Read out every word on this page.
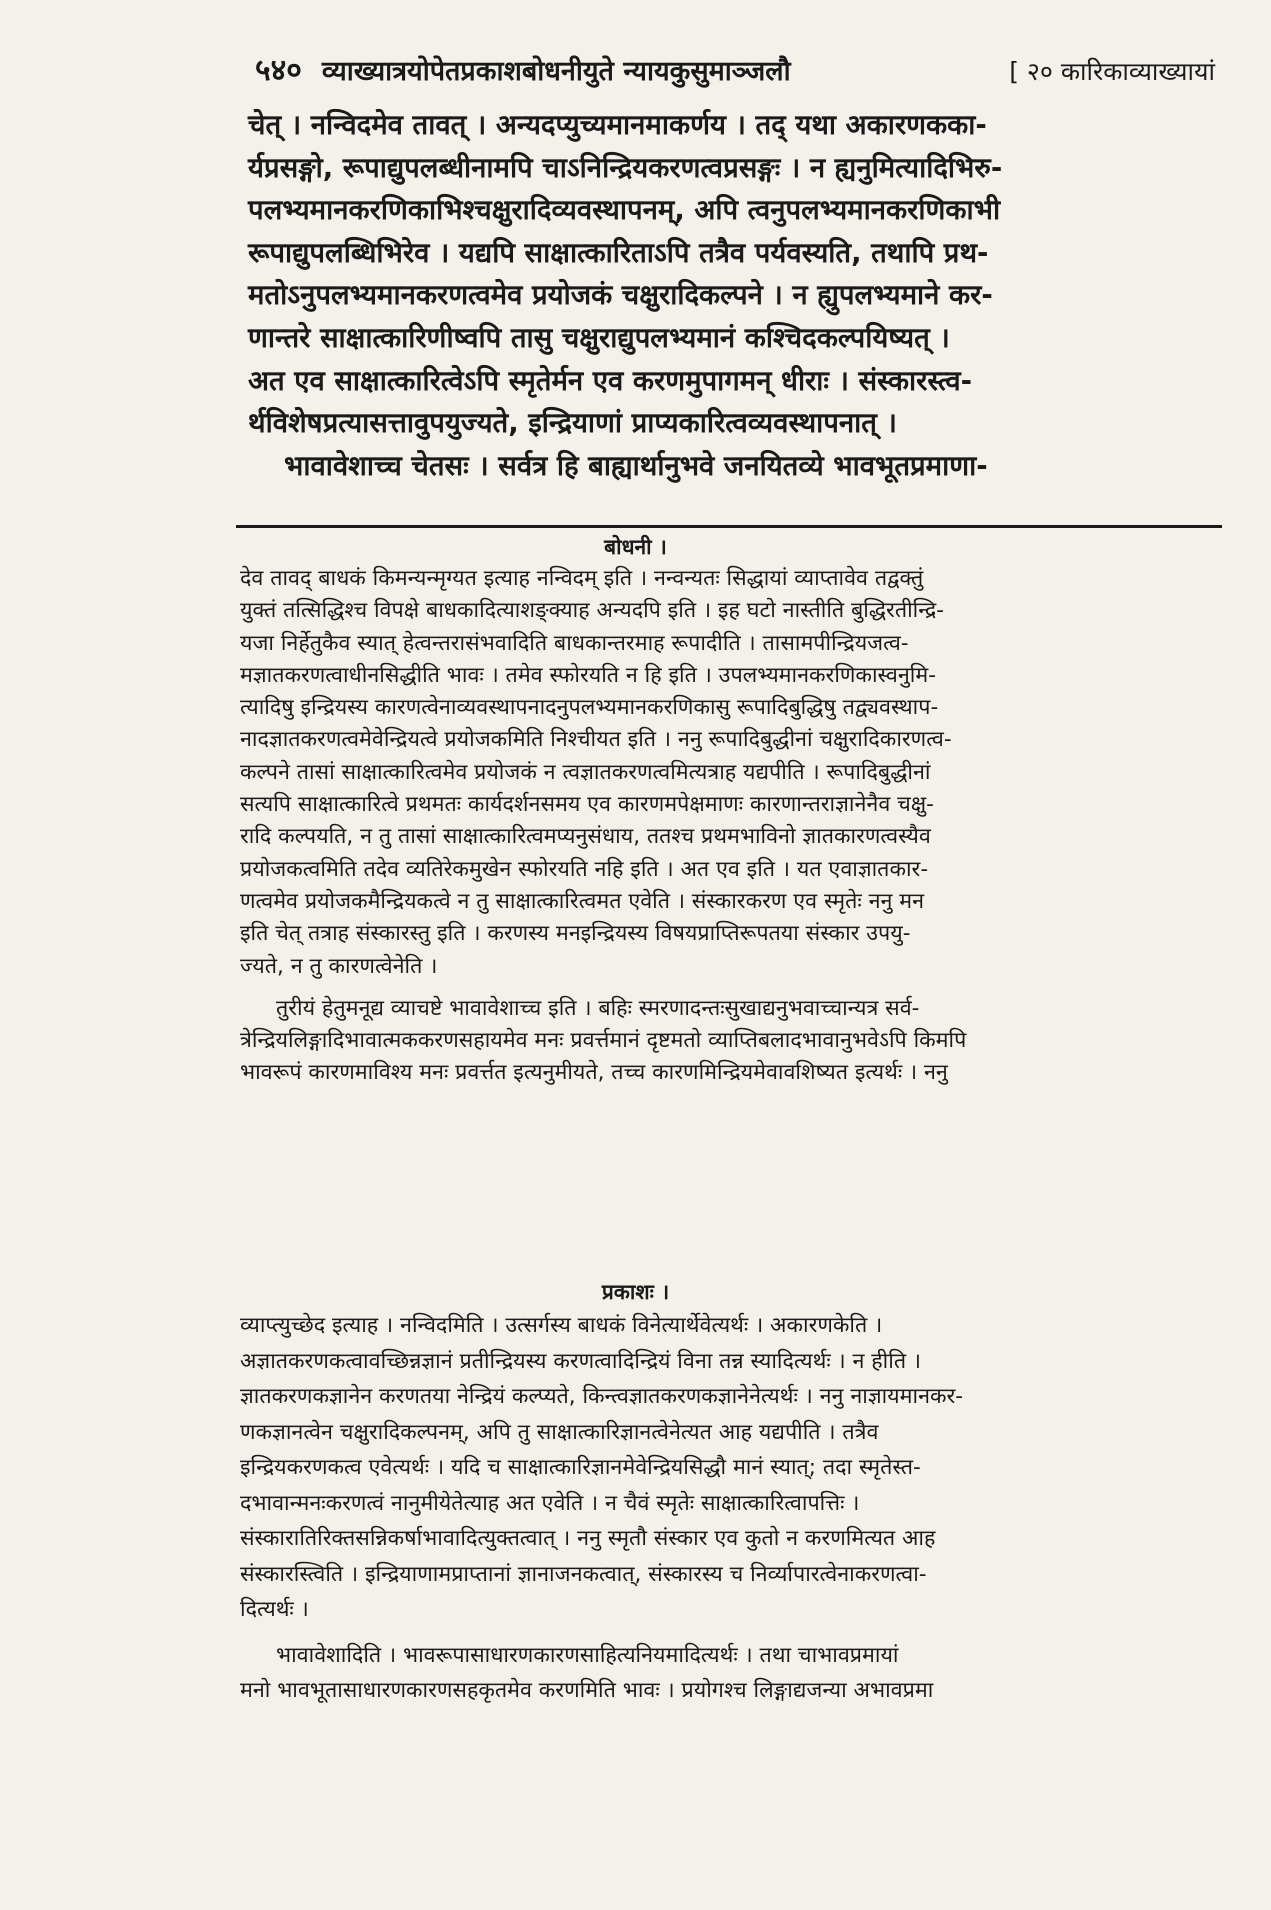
५४० व्याख्यात्रयोपेतप्रकाशबोधनीयुते न्यायकुसुमाञ्जलौ	[ २० कारिकाव्याख्यायां
चेत् । नन्विदमेव तावत् । अन्यदप्युच्यमानमाकर्णय । तद् यथा अकारणकका-
र्यप्रसङ्गो, रूपाद्युपलब्धीनामपि चाऽनिन्द्रियकरणत्वप्रसङ्गः । न ह्यनुमित्यादिभिरु-
पलभ्यमानकरणिकाभिश्चक्षुरादिव्यवस्थापनम्, अपि त्वनुपलभ्यमानकरणिकाभी
रूपाद्युपलब्धिभिरेव । यद्यपि साक्षात्कारिताऽपि तत्रैव पर्यवस्यति, तथापि प्रथ-
मतोऽनुपलभ्यमानकरणत्वमेव प्रयोजकं चक्षुरादिकल्पने । न ह्युपलभ्यमाने कर-
णान्तरे साक्षात्कारिणीष्वपि तासु चक्षुराद्युपलभ्यमानं कश्चिदकल्पयिष्यत् ।
अत एव साक्षात्कारित्वेऽपि स्मृतेर्मन एव करणमुपागमन् धीराः । संस्कारस्त्व-
र्थविशेषप्रत्यासत्तावुपयुज्यते, इन्द्रियाणां प्राप्यकारित्वव्यवस्थापनात् ।
भावावेशाच्च चेतसः । सर्वत्र हि बाह्यार्थानुभवे जनयितव्ये भावभूतप्रमाणा-
बोधनी ।
देव तावद् बाधकं किमन्यन्मृग्यत इत्याह नन्विदम् इति । नन्वन्यतः सिद्धायां व्याप्तावेव तद्वक्तुं
युक्तं तत्सिद्धिश्च विपक्षे बाधकादित्याशङ्क्याह अन्यदपि इति । इह घटो नास्तीति बुद्धिरतीन्द्रि-
यजा निर्हेतुकैव स्यात् हेत्वन्तरासंभवादिति बाधकान्तरमाह रूपादीति । तासामपीन्द्रियजत्व-
मज्ञातकरणत्वाधीनसिद्धीति भावः । तमेव स्फोरयति न हि इति । उपलभ्यमानकरणिकास्वनुमि-
त्यादिषु इन्द्रियस्य कारणत्वेनाव्यवस्थापनादनुपलभ्यमानकरणिकासु रूपादिबुद्धिषु तद्व्यवस्थाप-
नादज्ञातकरणत्वमेवेन्द्रियत्वे प्रयोजकमिति निश्चीयत इति । ननु रूपादिबुद्धीनां चक्षुरादिकारणत्व-
कल्पने तासां साक्षात्कारित्वमेव प्रयोजकं न त्वज्ञातकरणत्वमित्यत्राह यद्यपीति । रूपादिबुद्धीनां
सत्यपि साक्षात्कारित्वे प्रथमतः कार्यदर्शनसमय एव कारणमपेक्षमाणः कारणान्तराज्ञानेनैव चक्षु-
रादि कल्पयति, न तु तासां साक्षात्कारित्वमप्यनुसंधाय, ततश्च प्रथमभाविनो ज्ञातकारणत्वस्यैव
प्रयोजकत्वमिति तदेव व्यतिरेकमुखेन स्फोरयति नहि इति । अत एव इति । यत एवाज्ञातकार-
णत्वमेव प्रयोजकमैन्द्रियकत्वे न तु साक्षात्कारित्वमत एवेति । संस्कारकरण एव स्मृतेः ननु मन
इति चेत् तत्राह संस्कारस्तु इति । करणस्य मनइन्द्रियस्य विषयप्राप्तिरूपतया संस्कार उपयु-
ज्यते, न तु कारणत्वेनेति ।
तुरीयं हेतुमनूद्य व्याचष्टे भावावेशाच्च इति । बहिः स्मरणादन्तःसुखाद्यनुभवाच्चान्यत्र सर्व-
त्रेन्द्रियलिङ्गादिभावात्मककरणसहायमेव मनः प्रवर्त्तमानं दृष्टमतो व्याप्तिबलादभावानुभवेऽपि किमपि
भावरूपं कारणमाविश्य मनः प्रवर्त्तत इत्यनुमीयते, तच्च कारणमिन्द्रियमेवावशिष्यत इत्यर्थः । ननु
प्रकाशः ।
व्याप्त्युच्छेद इत्याह । नन्विदमिति । उत्सर्गस्य बाधकं विनेत्यार्थेवेत्यर्थः । अकारणकेति ।
अज्ञातकरणकत्वावच्छिन्नज्ञानं प्रतीन्द्रियस्य करणत्वादिन्द्रियं विना तन्न स्यादित्यर्थः । न हीति ।
ज्ञातकरणकज्ञानेन करणतया नेन्द्रियं कल्प्यते, किन्त्वज्ञातकरणकज्ञानेनेत्यर्थः । ननु नाज्ञायमानकर-
णकज्ञानत्वेन चक्षुरादिकल्पनम्, अपि तु साक्षात्कारिज्ञानत्वेनेत्यत आह यद्यपीति । तत्रैव
इन्द्रियकरणकत्व एवेत्यर्थः । यदि च साक्षात्कारिज्ञानमेवेन्द्रियसिद्धौ मानं स्यात्; तदा स्मृतेस्त-
दभावान्मनःकरणत्वं नानुमीयेतेत्याह अत एवेति । न चैवं स्मृतेः साक्षात्कारित्वापत्तिः ।
संस्कारातिरिक्तसन्निकर्षाभावादित्युक्तत्वात् । ननु स्मृतौ संस्कार एव कुतो न करणमित्यत आह
संस्कारस्त्विति । इन्द्रियाणामप्राप्तानां ज्ञानाजनकत्वात्, संस्कारस्य च निर्व्यापारत्वेनाकरणत्वा-
दित्यर्थः ।
भावावेशादिति । भावरूपासाधारणकारणसाहित्यनियमादित्यर्थः । तथा चाभावप्रमायां
मनो भावभूतासाधारणकारणसहकृतमेव करणमिति भावः । प्रयोगश्च लिङ्गाद्यजन्या अभावप्रमा
